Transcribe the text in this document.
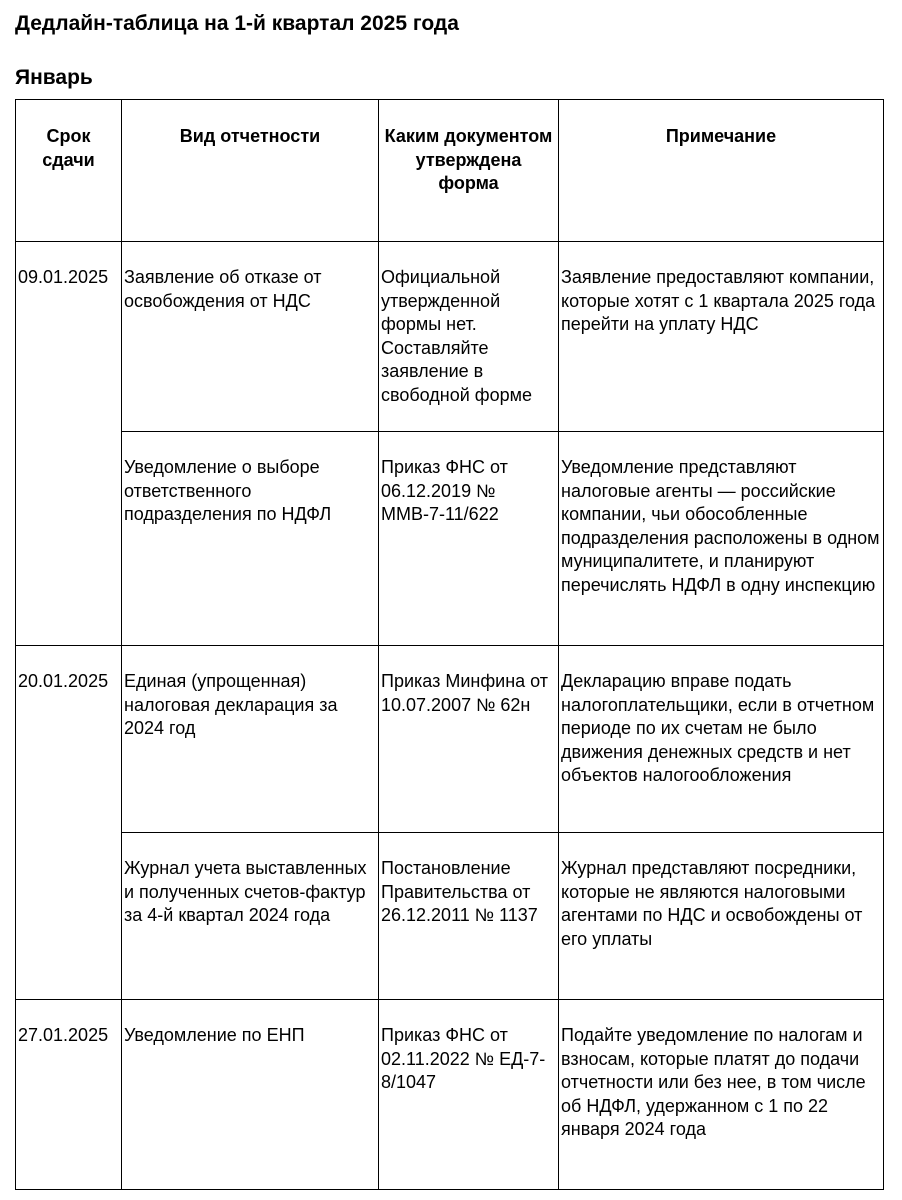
Дедлайн-таблица на 1-й квартал 2025 года
Январь
Срок сдачи	Вид отчетности	Каким документом утверждена форма	Примечание
09.01.2025	Заявление об отказе от освобождения от НДС	Официальной утвержденной формы нет. Составляйте заявление в свободной форме	Заявление предоставляют компании, которые хотят с 1 квартала 2025 года перейти на уплату НДС
	Уведомление о выборе ответственного подразделения по НДФЛ	Приказ ФНС от 06.12.2019 № ММВ-7-11/622	Уведомление представляют налоговые агенты — российские компании, чьи обособленные подразделения расположены в одном муниципалитете, и планируют перечислять НДФЛ в одну инспекцию
20.01.2025	Единая (упрощенная) налоговая декларация за 2024 год	Приказ Минфина от 10.07.2007 № 62н	Декларацию вправе подать налогоплательщики, если в отчетном периоде по их счетам не было движения денежных средств и нет объектов налогообложения
	Журнал учета выставленных и полученных счетов-фактур за 4-й квартал 2024 года	Постановление Правительства от 26.12.2011 № 1137	Журнал представляют посредники, которые не являются налоговыми агентами по НДС и освобождены от его уплаты
27.01.2025	Уведомление по ЕНП	Приказ ФНС от 02.11.2022 № ЕД-7-8/1047	Подайте уведомление по налогам и взносам, которые платят до подачи отчетности или без нее, в том числе об НДФЛ, удержанном с 1 по 22 января 2024 года
